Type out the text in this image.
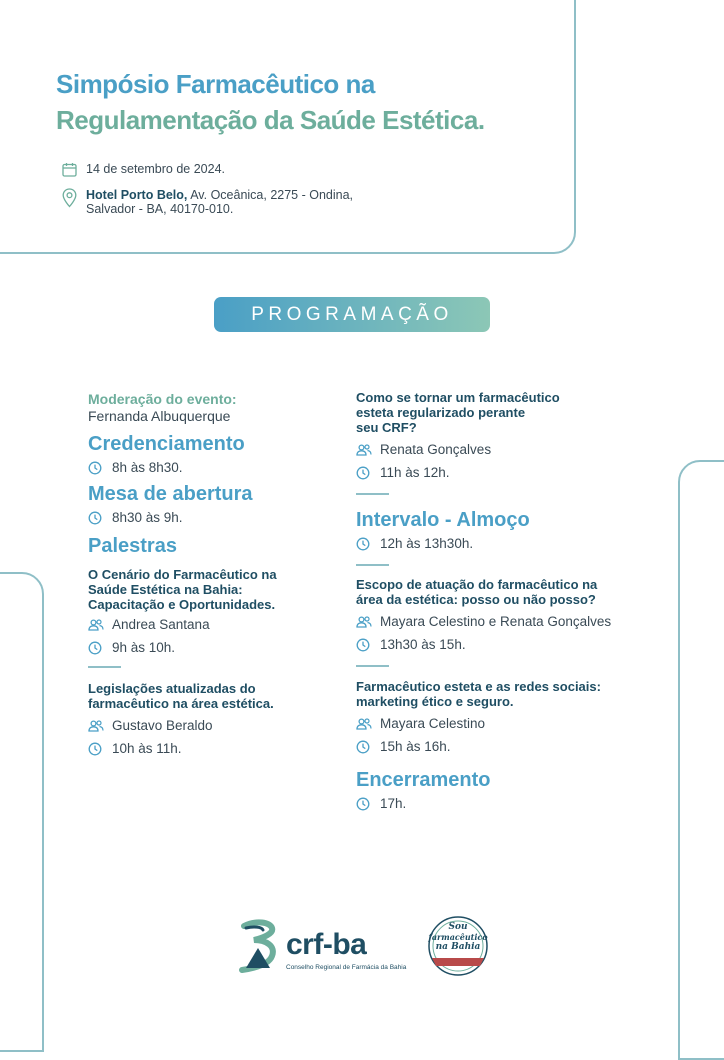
Simpósio Farmacêutico na
Regulamentação da Saúde Estética.
14 de setembro de 2024.
Hotel Porto Belo, Av. Oceânica, 2275 - Ondina,
Salvador - BA, 40170-010.
PROGRAMAÇÃO
Moderação do evento:
Fernanda Albuquerque
Credenciamento
8h às 8h30.
Mesa de abertura
8h30 às 9h.
Palestras
O Cenário do Farmacêutico na
Saúde Estética na Bahia:
Capacitação e Oportunidades.
Andrea Santana
9h às 10h.
Legislações atualizadas do
farmacêutico na área estética.
Gustavo Beraldo
10h às 11h.
Como se tornar um farmacêutico
esteta regularizado perante
seu CRF?
Renata Gonçalves
11h às 12h.
Intervalo - Almoço
12h às 13h30h.
Escopo de atuação do farmacêutico na
área da estética: posso ou não posso?
Mayara Celestino e Renata Gonçalves
13h30 às 15h.
Farmacêutico esteta e as redes sociais:
marketing ético e seguro.
Mayara Celestino
15h às 16h.
Encerramento
17h.
crf-ba
Conselho Regional de Farmácia da Bahia
Sou
farmacêutico
na Bahia
